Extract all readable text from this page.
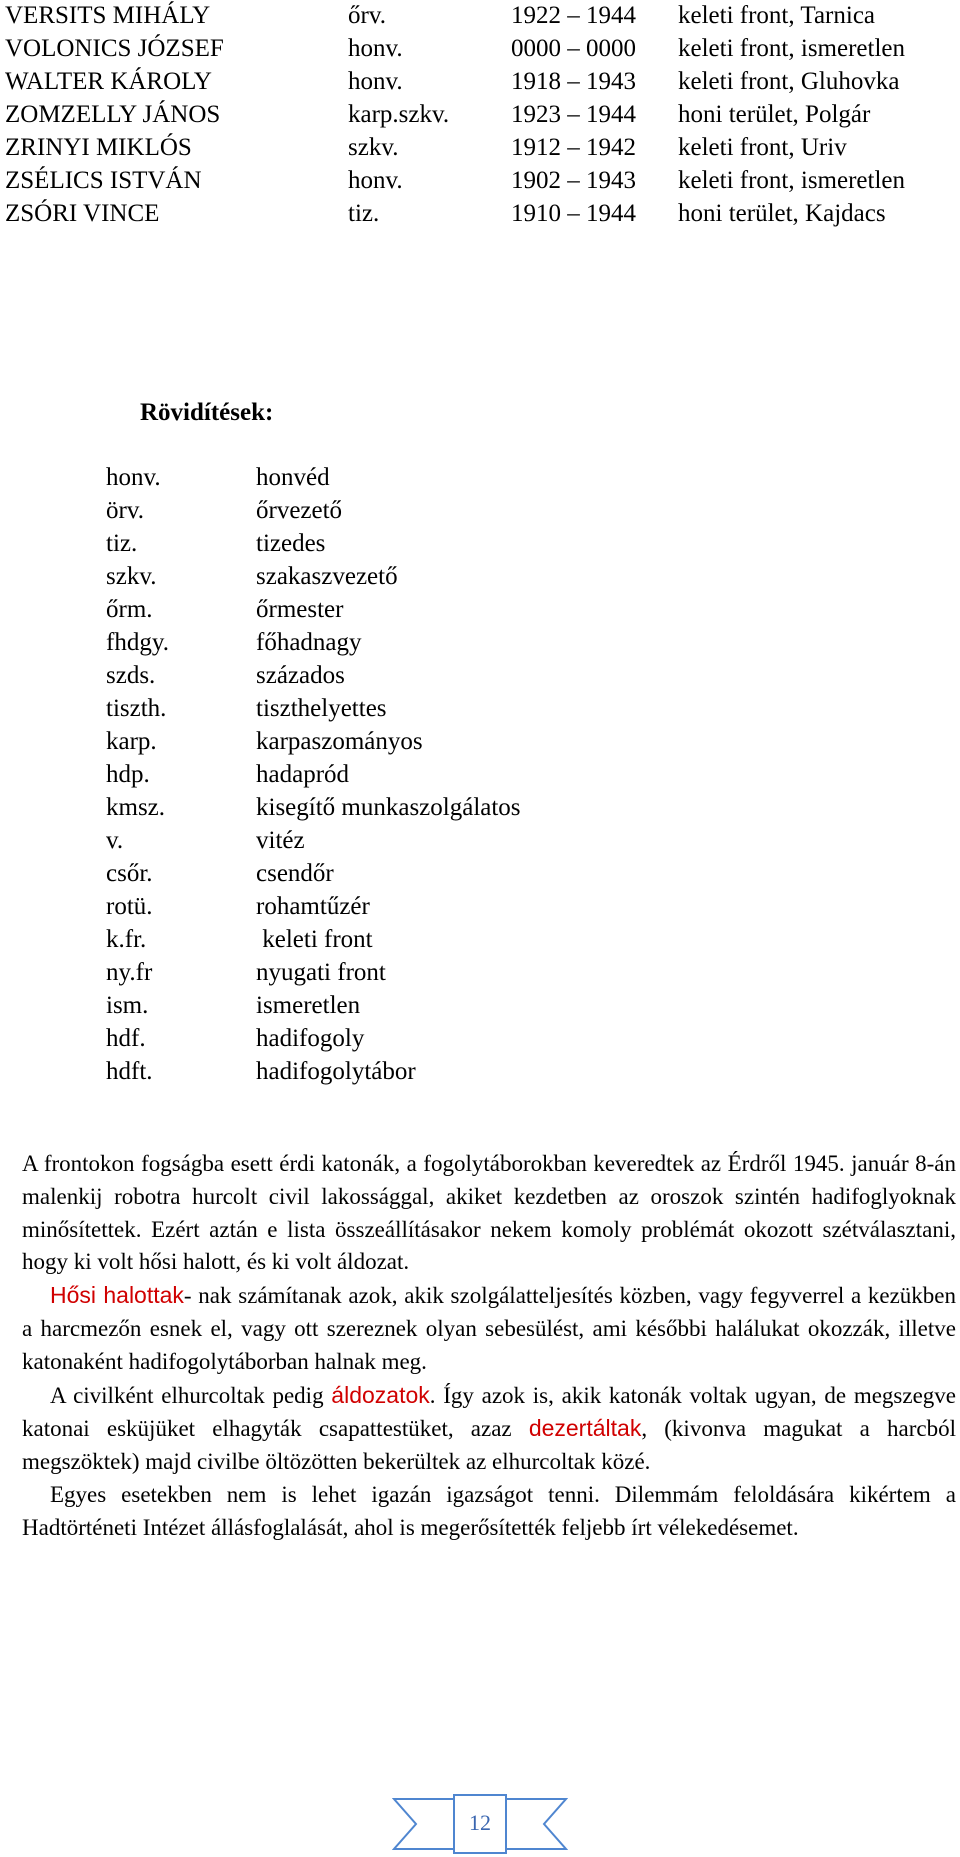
VERSITS MIHÁLY	őrv.	1922 – 1944 keleti front, Tarnica
VOLONICS JÓZSEF	honv.	0000 – 0000 keleti front, ismeretlen
WALTER KÁROLY	honv.	1918 – 1943 keleti front, Gluhovka
ZOMZELLY JÁNOS	karp.szkv. 1923 – 1944 honi terület, Polgár
ZRINYI MIKLÓS	szkv.	1912 – 1942 keleti front, Uriv
ZSÉLICS ISTVÁN	honv.	1902 – 1943 keleti front, ismeretlen
ZSÓRI VINCE	tiz.	1910 – 1944 honi terület, Kajdacs
Rövidítések:
honv.	honvéd
örv.	őrvezető
tiz.	tizedes
szkv.	szakaszvezető
őrm.	őrmester
fhdgy.	főhadnagy
szds.	százados
tiszth.	tiszthelyettes
karp.	karpaszományos
hdp.	hadapród
kmsz.	kisegítő munkaszolgálatos
v.	vitéz
csőr.	csendőr
rotü.	rohamtűzér
k.fr.	keleti front
ny.fr	nyugati front
ism.	ismeretlen
hdf.	hadifogoly
hdft.	hadifogolytábor

A frontokon fogságba esett érdi katonák, a fogolytáborokban keveredtek az Érdről 1945. január 8-án malenkij robotra hurcolt civil lakossággal, akiket kezdetben az oroszok szintén hadifoglyoknak minősítettek. Ezért aztán e lista összeállításakor nekem komoly problémát okozott szétválasztani, hogy ki volt hősi halott, és ki volt áldozat.

Hősi halottak- nak számítanak azok, akik szolgálatteljesítés közben, vagy fegyverrel a kezükben a harcmezőn esnek el, vagy ott szereznek olyan sebesülést, ami későbbi halálukat okozzák, illetve katonaként hadifogolytáborban halnak meg.

A civilként elhurcoltak pedig áldozatok. Így azok is, akik katonák voltak ugyan, de megszegve katonai esküjüket elhagyták csapattestüket, azaz dezertáltak, (kivonva magukat a harcból megszöktek) majd civilbe öltözötten bekerültek az elhurcoltak közé.

Egyes esetekben nem is lehet igazán igazságot tenni. Dilemmám feloldására kikértem a Hadtörténeti Intézet állásfoglalását, ahol is megerősítették feljebb írt vélekedésemet.

12
